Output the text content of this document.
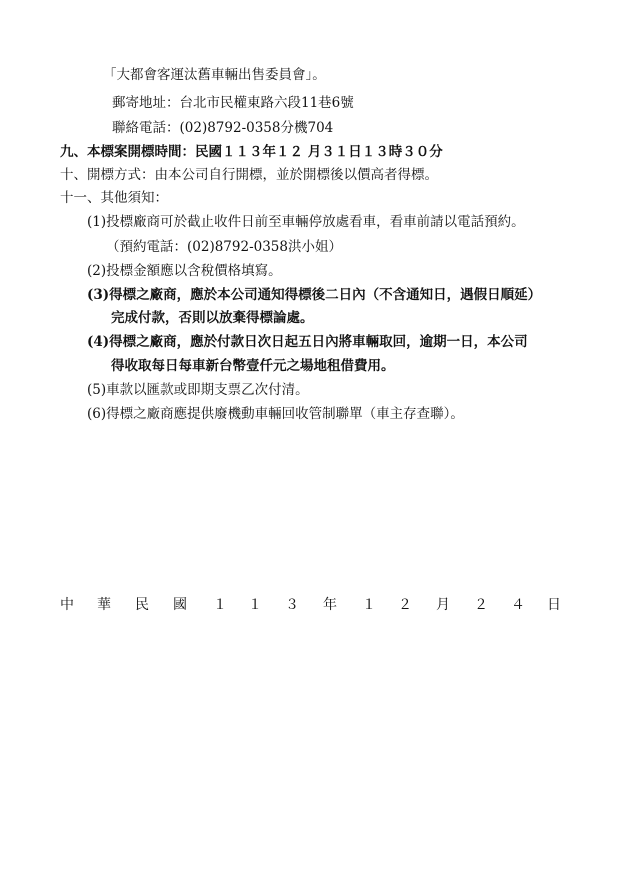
「大都會客運汰舊車輛出售委員會」。
郵寄地址：台北市民權東路六段11巷6號
聯絡電話：(02)8792-0358分機704
九、本標案開標時間：民國１１３年１２ 月３１日１３時３０分
十、開標方式：由本公司自行開標，並於開標後以價高者得標。
十一、其他須知：
(1)投標廠商可於截止收件日前至車輛停放處看車，看車前請以電話預約。
（預約電話：(02)8792-0358洪小姐）
(2)投標金額應以含稅價格填寫。
(3)得標之廠商，應於本公司通知得標後二日內（不含通知日，遇假日順延）
完成付款，否則以放棄得標論處。
(4)得標之廠商，應於付款日次日起五日內將車輛取回，逾期一日，本公司
得收取每日每車新台幣壹仟元之場地租借費用。
(5)車款以匯款或即期支票乙次付清。
(6)得標之廠商應提供廢機動車輛回收管制聯單（車主存查聯）。
中 華 民 國 １ １ ３ 年 １ ２ 月 ２ ４ 日
